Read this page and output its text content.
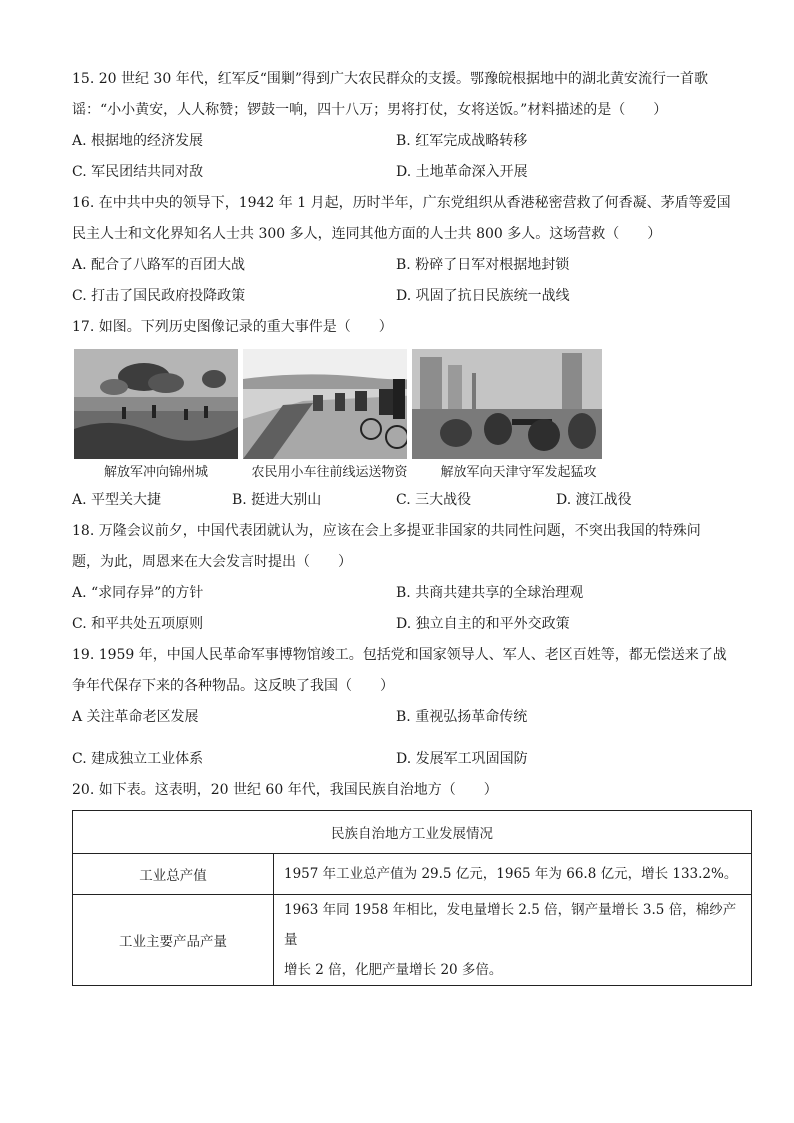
15. 20 世纪 30 年代，红军反“围剿”得到广大农民群众的支援。鄂豫皖根据地中的湖北黄安流行一首歌
谣：“小小黄安，人人称赞；锣鼓一响，四十八万；男将打仗，女将送饭。”材料描述的是（　　）
A. 根据地的经济发展	B. 红军完成战略转移
C. 军民团结共同对敌	D. 土地革命深入开展
16. 在中共中央的领导下，1942 年 1 月起，历时半年，广东党组织从香港秘密营救了何香凝、茅盾等爱国
民主人士和文化界知名人士共 300 多人，连同其他方面的人士共 800 多人。这场营救（　　）
A. 配合了八路军的百团大战	B. 粉碎了日军对根据地封锁
C. 打击了国民政府投降政策	D. 巩固了抗日民族统一战线
17. 如图。下列历史图像记录的重大事件是（　　）
解放军冲向锦州城	农民用小车往前线运送物资	解放军向天津守军发起猛攻
A. 平型关大捷	B. 挺进大别山	C. 三大战役	D. 渡江战役
18. 万隆会议前夕，中国代表团就认为，应该在会上多提亚非国家的共同性问题，不突出我国的特殊问
题，为此，周恩来在大会发言时提出（　　）
A. “求同存异”的方针	B. 共商共建共享的全球治理观
C. 和平共处五项原则	D. 独立自主的和平外交政策
19. 1959 年，中国人民革命军事博物馆竣工。包括党和国家领导人、军人、老区百姓等，都无偿送来了战
争年代保存下来的各种物品。这反映了我国（　　）
A 关注革命老区发展	B. 重视弘扬革命传统
C. 建成独立工业体系	D. 发展军工巩固国防
20. 如下表。这表明，20 世纪 60 年代，我国民族自治地方（　　）
民族自治地方工业发展情况	
工业总产值	1957 年工业总产值为 29.5 亿元，1965 年为 66.8 亿元，增长 133.2%。
工业主要产品产量	1963 年同 1958 年相比，发电量增长 2.5 倍，钢产量增长 3.5 倍，棉纱产量
增长 2 倍，化肥产量增长 20 多倍。
